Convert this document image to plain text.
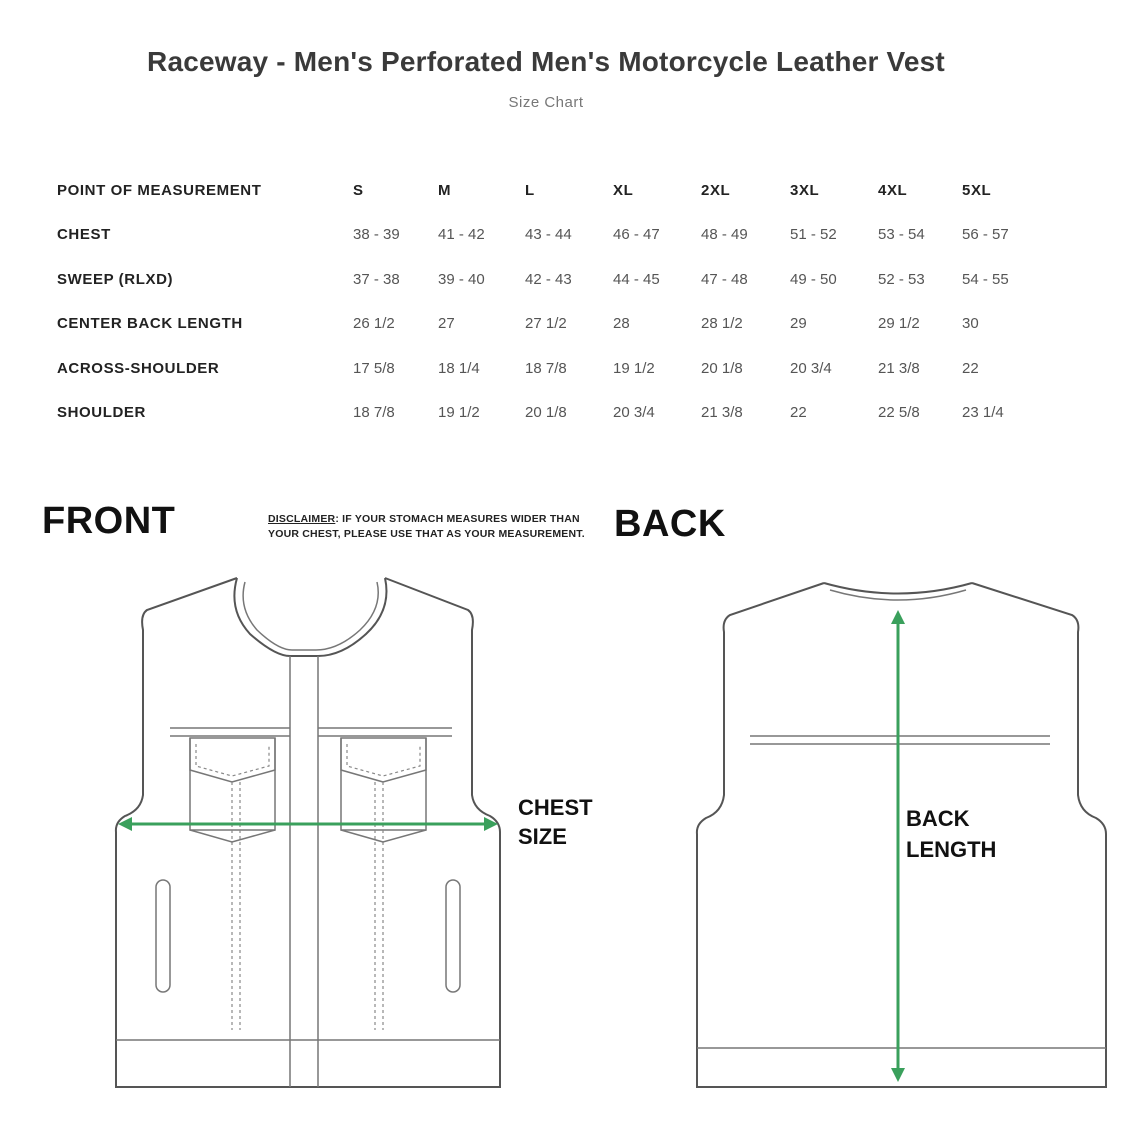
Raceway - Men's Perforated Men's Motorcycle Leather Vest
Size Chart
POINT OF MEASUREMENT	S	M	L	XL	2XL	3XL	4XL	5XL
CHEST	38 - 39	41 - 42	43 - 44	46 - 47	48 - 49	51 - 52	53 - 54	56 - 57
SWEEP (RLXD)	37 - 38	39 - 40	42 - 43	44 - 45	47 - 48	49 - 50	52 - 53	54 - 55
CENTER BACK LENGTH	26 1/2	27	27 1/2	28	28 1/2	29	29 1/2	30
ACROSS-SHOULDER	17 5/8	18 1/4	18 7/8	19 1/2	20 1/8	20 3/4	21 3/8	22
SHOULDER	18 7/8	19 1/2	20 1/8	20 3/4	21 3/8	22	22 5/8	23 1/4
FRONT	DISCLAIMER: IF YOUR STOMACH MEASURES WIDER THAN
YOUR CHEST, PLEASE USE THAT AS YOUR MEASUREMENT. BACK
CHEST
SIZE
BACK
LENGTH
